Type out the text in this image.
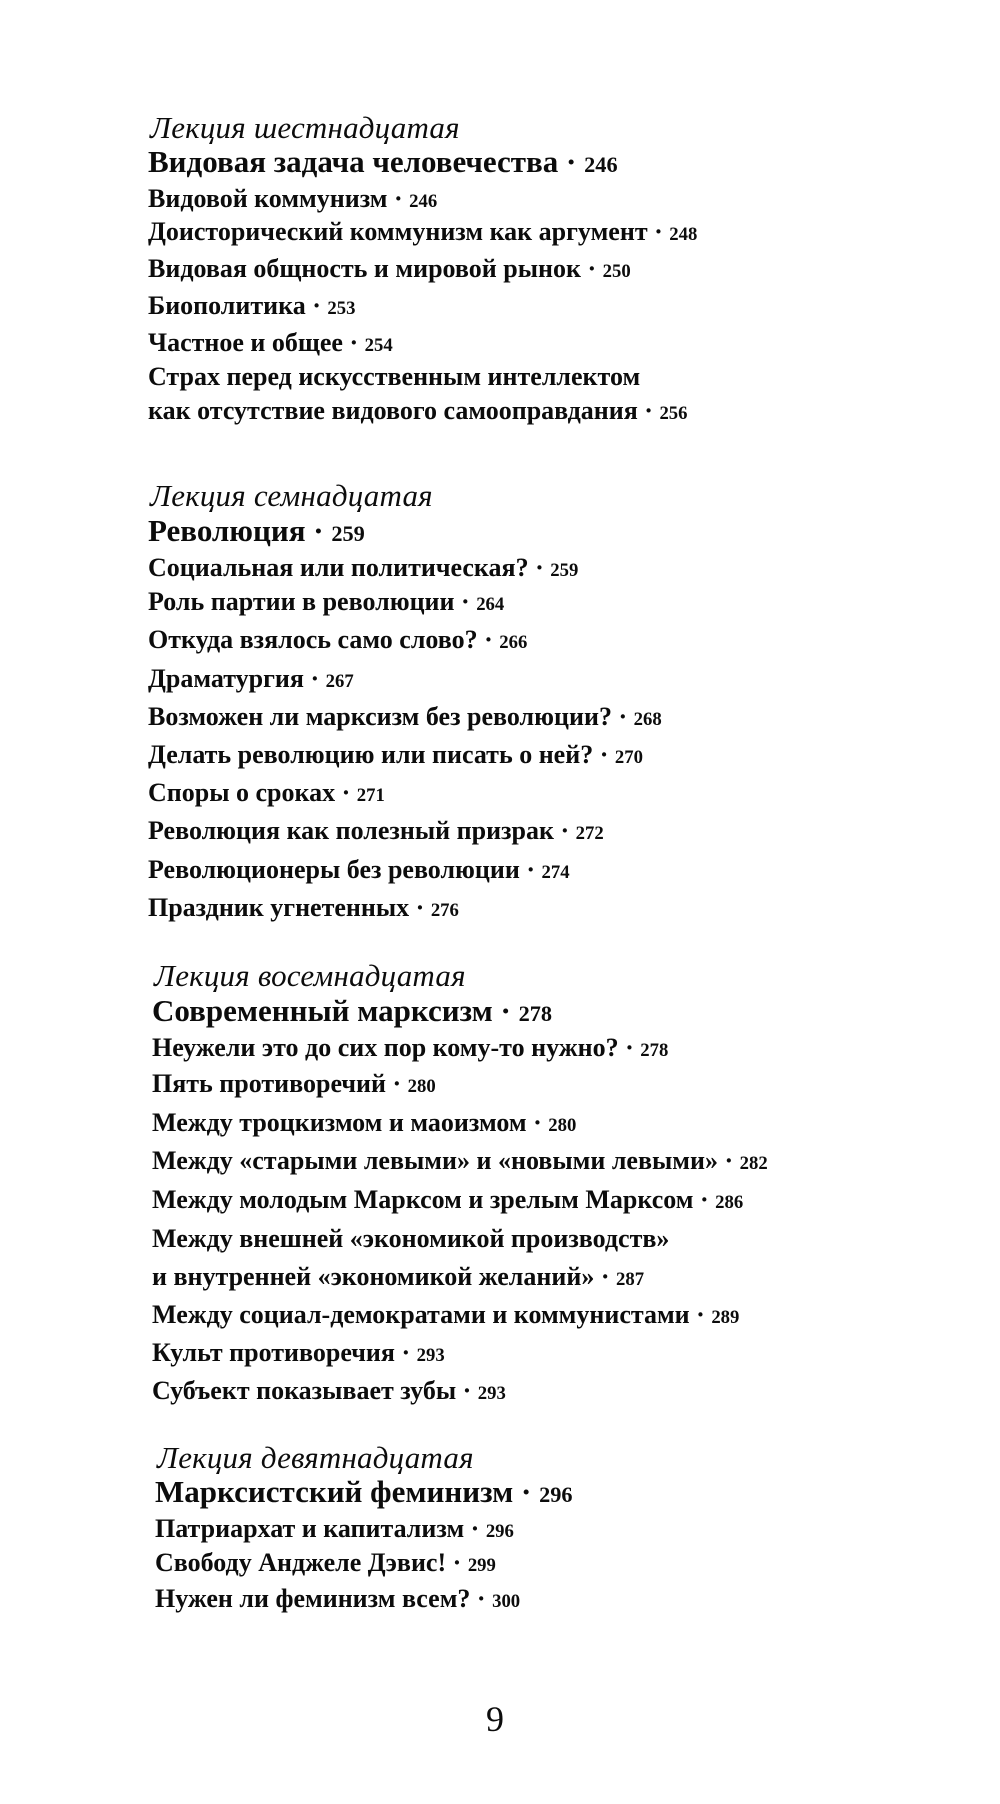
Лекция шестнадцатая
Видовая задача человечества · 246
Видовой коммунизм · 246
Доисторический коммунизм как аргумент · 248
Видовая общность и мировой рынок · 250
Биополитика · 253
Частное и общее · 254
Страх перед искусственным интеллектом
как отсутствие видового самооправдания · 256
Лекция семнадцатая
Революция · 259
Социальная или политическая? · 259
Роль партии в революции · 264
Откуда взялось само слово? · 266
Драматургия · 267
Возможен ли марксизм без революции? · 268
Делать революцию или писать о ней? · 270
Споры о сроках · 271
Революция как полезный призрак · 272
Революционеры без революции · 274
Праздник угнетенных · 276
Лекция восемнадцатая
Современный марксизм · 278
Неужели это до сих пор кому-то нужно? · 278
Пять противоречий · 280
Между троцкизмом и маоизмом · 280
Между «старыми левыми» и «новыми левыми» · 282
Между молодым Марксом и зрелым Марксом · 286
Между внешней «экономикой производств»
и внутренней «экономикой желаний» · 287
Между социал-демократами и коммунистами · 289
Культ противоречия · 293
Субъект показывает зубы · 293
Лекция девятнадцатая
Марксистский феминизм · 296
Патриархат и капитализм · 296
Свободу Анджеле Дэвис! · 299
Нужен ли феминизм всем? · 300
9
